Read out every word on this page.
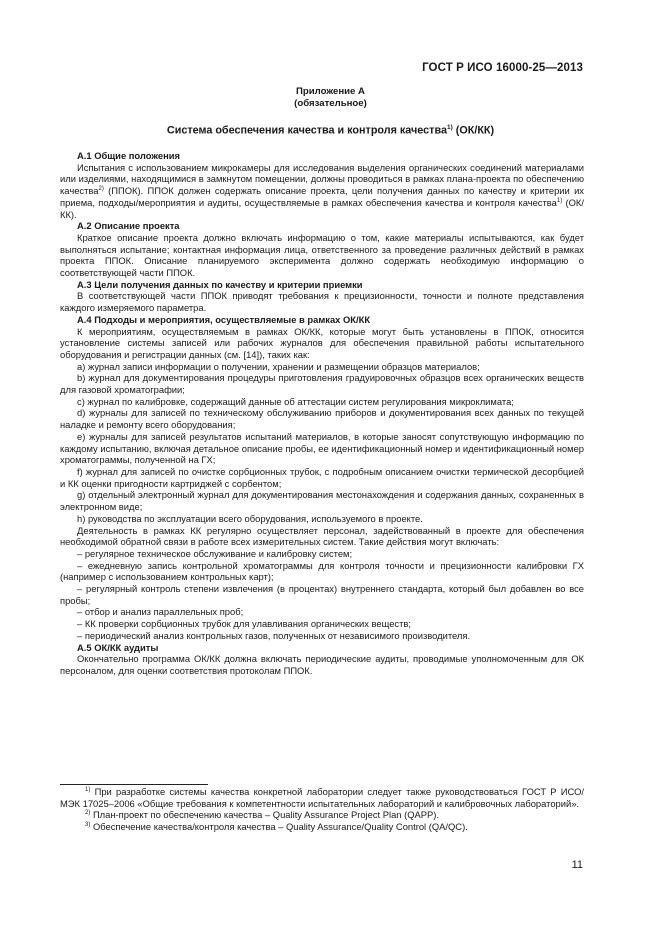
ГОСТ Р ИСО 16000-25—2013
Приложение А
(обязательное)
Система обеспечения качества и контроля качества$^{1)}$ (ОК/КК)

А.1 Общие положения

Испытания с использованием микрокамеры для исследования выделения органических соединений материалами или изделиями, находящимися в замкнутом помещении, должны проводиться в рамках плана-проекта по обеспечению качества$^{2)}$ (ППОК). ППОК должен содержать описание проекта, цели получения данных по качеству и критерии их приема, подходы/мероприятия и аудиты, осуществляемые в рамках обеспечения качества и контроля качества$^{1)}$ (ОК/КК).

А.2 Описание проекта

Краткое описание проекта должно включать информацию о том, какие материалы испытываются, как будет выполняться испытание; контактная информация лица, ответственного за проведение различных действий в рамках проекта ППОК. Описание планируемого эксперимента должно содержать необходимую информацию о соответствующей части ППОК.

А.3 Цели получения данных по качеству и критерии приемки

В соответствующей части ППОК приводят требования к прецизионности, точности и полноте представления каждого измеряемого параметра.

А.4 Подходы и мероприятия, осуществляемые в рамках ОК/КК

К мероприятиям, осуществляемым в рамках ОК/КК, которые могут быть установлены в ППОК, относится установление системы записей или рабочих журналов для обеспечения правильной работы испытательного оборудования и регистрации данных (см. [14]), таких как:

a) журнал записи информации о получении, хранении и размещении образцов материалов;

b) журнал для документирования процедуры приготовления градуировочных образцов всех органических веществ для газовой хроматографии;

c) журнал по калибровке, содержащий данные об аттестации систем регулирования микроклимата;

d) журналы для записей по техническому обслуживанию приборов и документирования всех данных по текущей наладке и ремонту всего оборудования;

e) журналы для записей результатов испытаний материалов, в которые заносят сопутствующую информацию по каждому испытанию, включая детальное описание пробы, ее идентификационный номер и идентификационный номер хроматограммы, полученной на ГХ;

f) журнал для записей по очистке сорбционных трубок, с подробным описанием очистки термической десорбцией и КК оценки пригодности картриджей с сорбентом;

g) отдельный электронный журнал для документирования местонахождения и содержания данных, сохраненных в электронном виде;

h) руководства по эксплуатации всего оборудования, используемого в проекте.

Деятельность в рамках КК регулярно осуществляет персонал, задействованный в проекте для обеспечения необходимой обратной связи в работе всех измерительных систем. Такие действия могут включать:

– регулярное техническое обслуживание и калибровку систем;

– ежедневную запись контрольной хроматограммы для контроля точности и прецизионности калибровки ГХ (например с использованием контрольных карт);

– регулярный контроль степени извлечения (в процентах) внутреннего стандарта, который был добавлен во все пробы;

– отбор и анализ параллельных проб;

– КК проверки сорбционных трубок для улавливания органических веществ;

– периодический анализ контрольных газов, полученных от независимого производителя.

А.5 ОК/КК аудиты

Окончательно программа ОК/КК должна включать периодические аудиты, проводимые уполномоченным для ОК персоналом, для оценки соответствия протоколам ППОК.

$^{1)}$ При разработке системы качества конкретной лаборатории следует также руководствоваться ГОСТ Р ИСО/МЭК 17025–2006 «Общие требования к компетентности испытательных лабораторий и калибровочных лабораторий».

$^{2)}$ План-проект по обеспечению качества – Quality Assurance Project Plan (QAPP).

$^{3)}$ Обеспечение качества/контроля качества – Quality Assurance/Quality Control (QA/QC).

11
